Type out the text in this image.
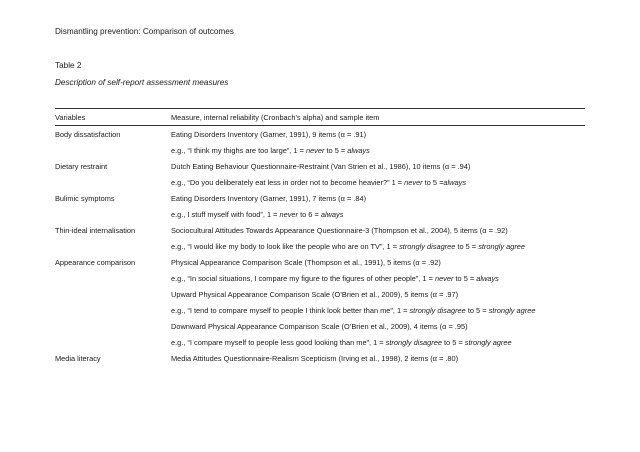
Dismantling prevention: Comparison of outcomes
Table 2
Description of self-report assessment measures
Variables	Measure, internal reliability (Cronbach's alpha) and sample item
Body dissatisfaction	Eating Disorders Inventory (Garner, 1991), 9 items (α = .91)
	e.g., “I think my thighs are too large”, 1 = never to 5 = always
Dietary restraint	Dutch Eating Behaviour Questionnaire-Restraint (Van Strien et al., 1986), 10 items (α = .94)
	e.g., “Do you deliberately eat less in order not to become heavier?” 1 = never to 5 =always
Bulimic symptoms	Eating Disorders Inventory (Garner, 1991), 7 items (α = .84)
	e.g., I stuff myself with food”, 1 = never to 6 = always
Thin-ideal internalisation	Sociocultural Attitudes Towards Appearance Questionnaire-3 (Thompson et al., 2004), 5 items (α = .92)
	e.g., “I would like my body to look like the people who are on TV”, 1 = strongly disagree to 5 = strongly agree
Appearance comparison	Physical Appearance Comparison Scale (Thompson et al., 1991), 5 items (α = .92)
	e.g., “In social situations, I compare my figure to the figures of other people”, 1 = never to 5 = always
	Upward Physical Appearance Comparison Scale (O’Brien et al., 2009), 5 items (α = .97)
	e.g., “I tend to compare myself to people I think look better than me”, 1 = strongly disagree to 5 = strongly agree
	Downward Physical Appearance Comparison Scale (O’Brien et al., 2009), 4 items (α = .95)
	e.g., “I compare myself to people less good looking than me”, 1 = strongly disagree to 5 = strongly agree
Media literacy	Media Attitudes Questionnaire-Realism Scepticism (Irving et al., 1998), 2 items (α = .80)
